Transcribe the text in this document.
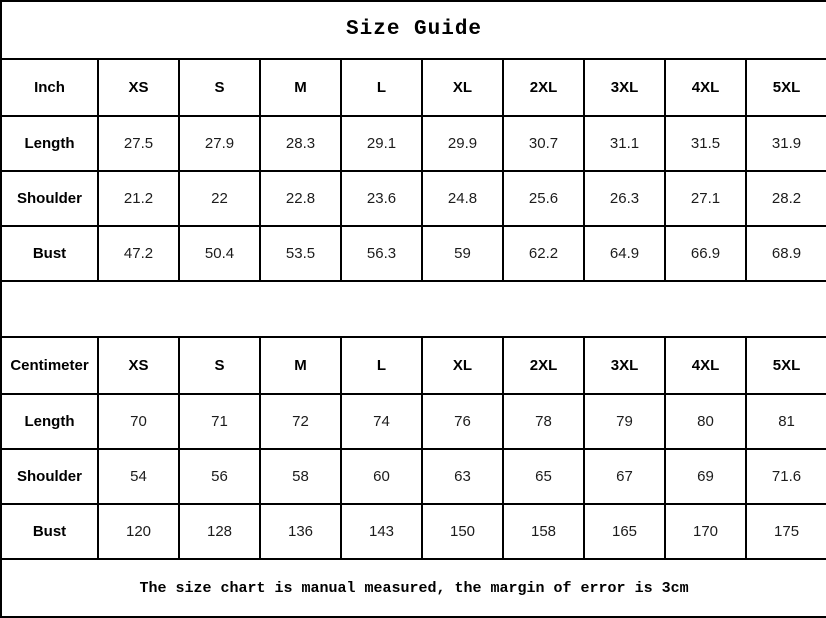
Size Guide									
Inch	XS	S	M	L	XL	2XL	3XL	4XL	5XL
Length	27.5	27.9	28.3	29.1	29.9	30.7	31.1	31.5	31.9
Shoulder	21.2	22	22.8	23.6	24.8	25.6	26.3	27.1	28.2
Bust	47.2	50.4	53.5	56.3	59	62.2	64.9	66.9	68.9

Centimeter	XS	S	M	L	XL	2XL	3XL	4XL	5XL
Length	70	71	72	74	76	78	79	80	81
Shoulder	54	56	58	60	63	65	67	69	71.6
Bust	120	128	136	143	150	158	165	170	175
The size chart is manual measured, the margin of error is 3cm									
